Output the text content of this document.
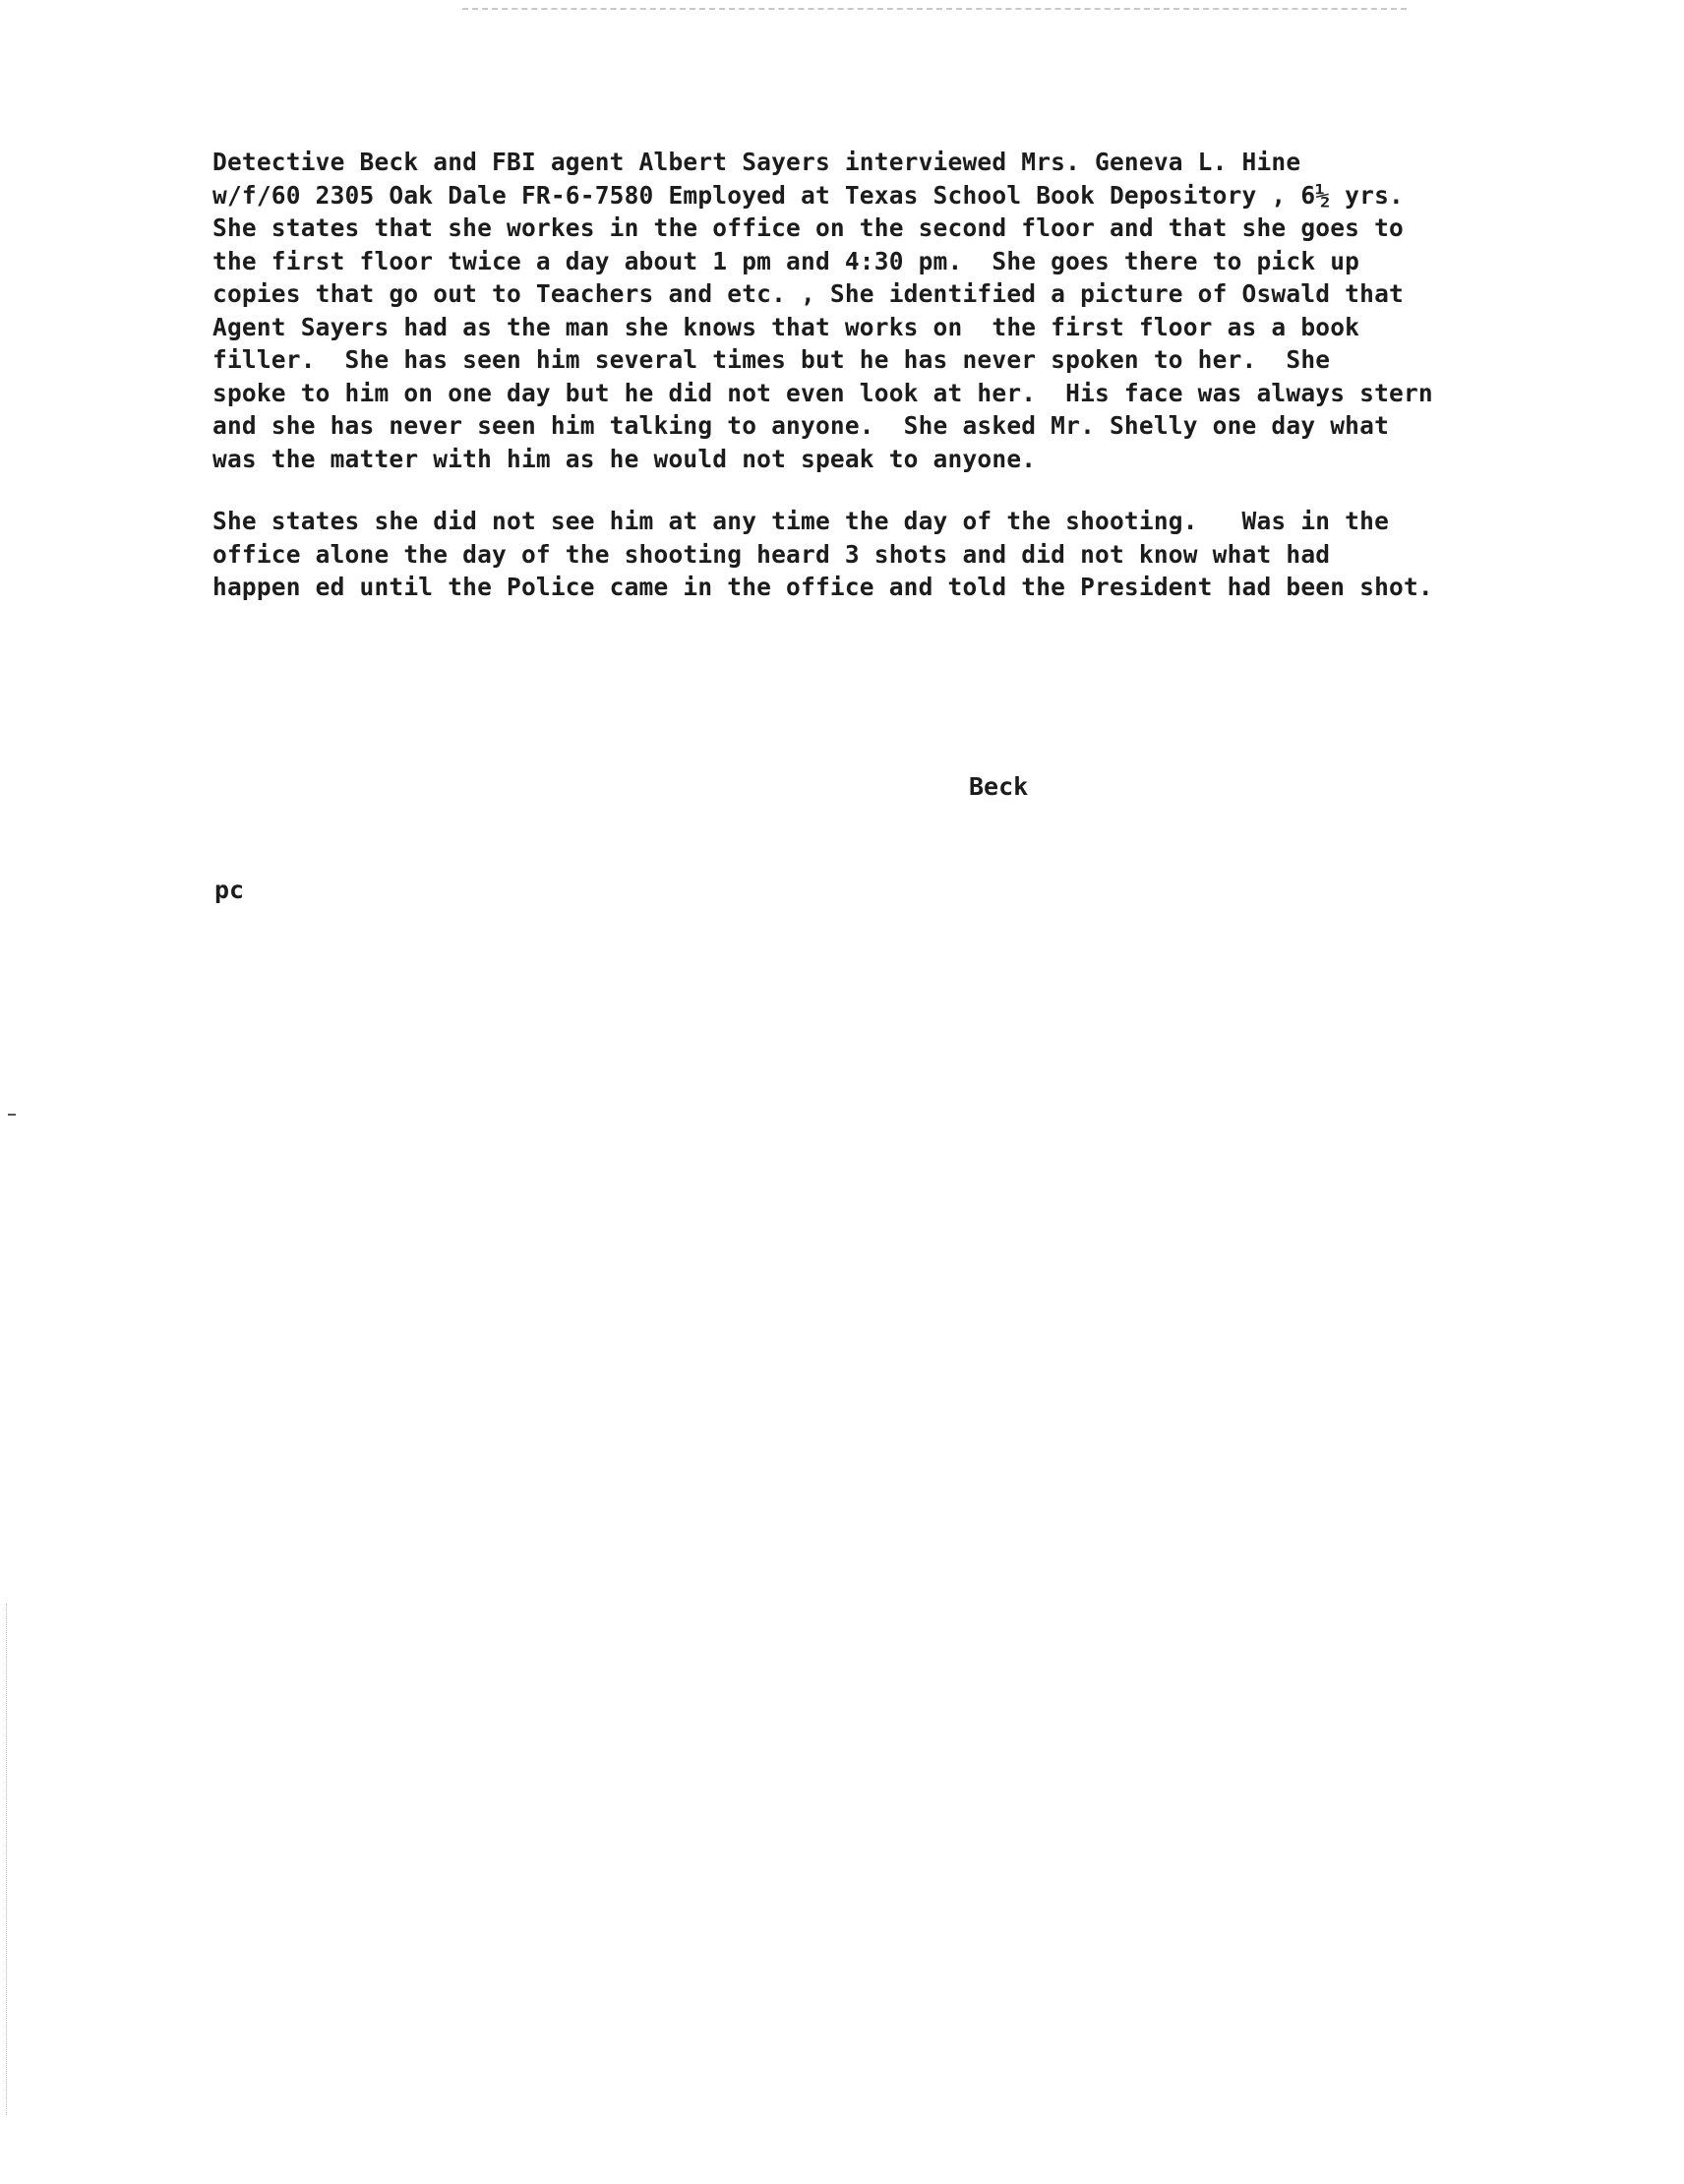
Detective Beck and FBI agent Albert Sayers interviewed Mrs. Geneva L. Hine
w/f/60 2305 Oak Dale FR-6-7580 Employed at Texas School Book Depository , 6½ yrs.
She states that she workes in the office on the second floor and that she goes to
the first floor twice a day about 1 pm and 4:30 pm.  She goes there to pick up
copies that go out to Teachers and etc. , She identified a picture of Oswald that
Agent Sayers had as the man she knows that works on  the first floor as a book
filler.  She has seen him several times but he has never spoken to her.  She
spoke to him on one day but he did not even look at her.  His face was always stern
and she has never seen him talking to anyone.  She asked Mr. Shelly one day what
was the matter with him as he would not speak to anyone.
She states she did not see him at any time the day of the shooting.   Was in the
office alone the day of the shooting heard 3 shots and did not know what had
happen ed until the Police came in the office and told the President had been shot.
Beck
pc
